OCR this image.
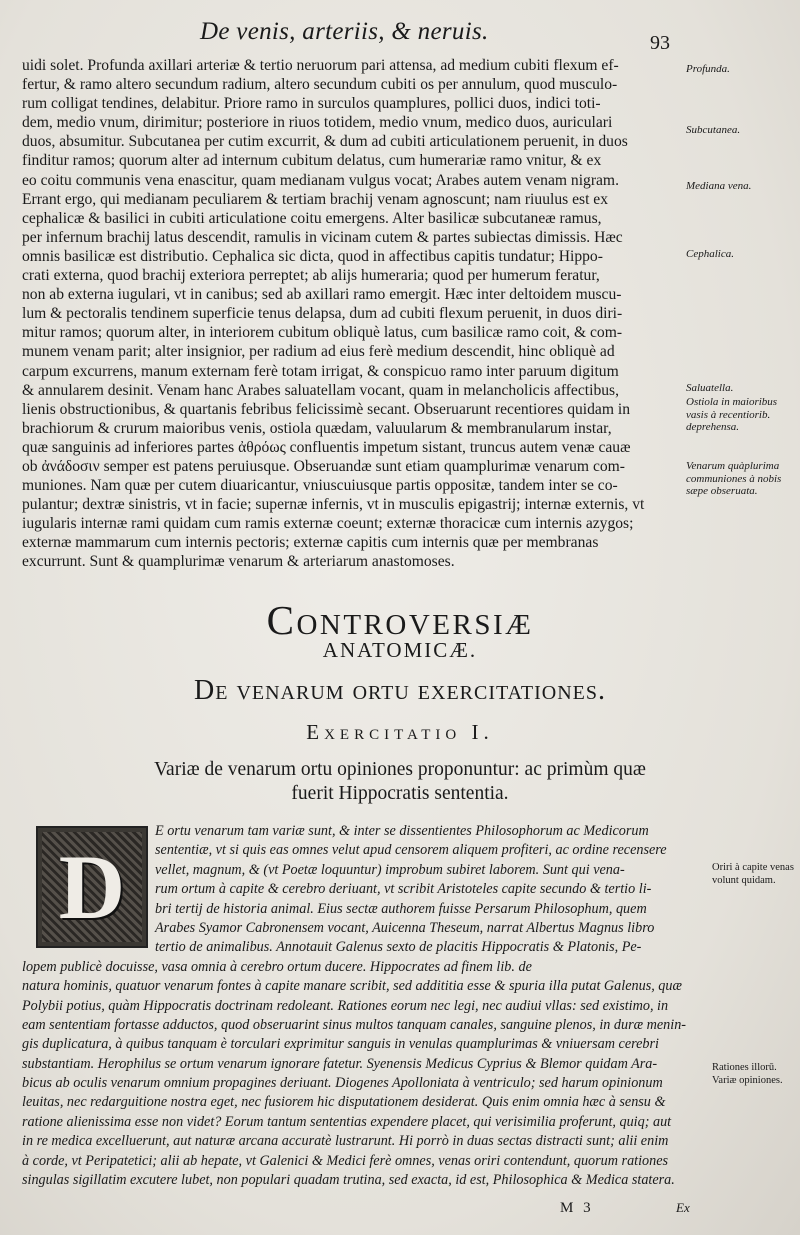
De venis, arteriis, & neruis.	93
uidi solet. Profunda axillari arteriæ & tertio neruorum pari attensa, ad medium cubiti flexum ef-
fertur, & ramo altero secundum radium, altero secundum cubiti os per annulum, quod musculo-
rum colligat tendines, delabitur. Priore ramo in surculos quamplures, pollici duos, indici toti-
dem, medio vnum, dirimitur; posteriore in riuos totidem, medio vnum, medico duos, auriculari
duos, absumitur. Subcutanea per cutim excurrit, & dum ad cubiti articulationem peruenit, in duos
finditur ramos; quorum alter ad internum cubitum delatus, cum humerariæ ramo vnitur, & ex
eo coitu communis vena enascitur, quam medianam vulgus vocat; Arabes autem venam nigram.
Errant ergo, qui medianam peculiarem & tertiam brachij venam agnoscunt; nam riuulus est ex
cephalicæ & basilici in cubiti articulatione coitu emergens. Alter basilicæ subcutaneæ ramus,
per infernum brachij latus descendit, ramulis in vicinam cutem & partes subiectas dimissis. Hæc
omnis basilicæ est distributio. Cephalica sic dicta, quod in affectibus capitis tundatur; Hippo-
crati externa, quod brachij exteriora perreptet; ab alijs humeraria; quod per humerum feratur,
non ab externa iugulari, vt in canibus; sed ab axillari ramo emergit. Hæc inter deltoidem muscu-
lum & pectoralis tendinem superficie tenus delapsa, dum ad cubiti flexum peruenit, in duos diri-
mitur ramos; quorum alter, in interiorem cubitum obliquè latus, cum basilicæ ramo coit, & com-
munem venam parit; alter insignior, per radium ad eius ferè medium descendit, hinc obliquè ad
carpum excurrens, manum externam ferè totam irrigat, & conspicuo ramo inter paruum digitum
& annularem desinit. Venam hanc Arabes saluatellam vocant, quam in melancholicis affectibus,
lienis obstructionibus, & quartanis febribus felicissimè secant. Obseruarunt recentiores quidam in
brachiorum & crurum maioribus venis, ostiola quædam, valuularum & membranularum instar,
quæ sanguinis ad inferiores partes ἀθρόως confluentis impetum sistant, truncus autem venæ cauæ
ob ἀνάδοσιν semper est patens peruiusque. Obseruandæ sunt etiam quamplurimæ venarum com-
muniones. Nam quæ per cutem diuaricantur, vniuscuiusque partis oppositæ, tandem inter se co-
pulantur; dextræ sinistris, vt in facie; supernæ infernis, vt in musculis epigastrij; internæ externis, vt
iugularis internæ rami quidam cum ramis externæ coeunt; externæ thoracicæ cum internis azygos;
externæ mammarum cum internis pectoris; externæ capitis cum internis quæ per membranas
excurrunt. Sunt & quamplurimæ venarum & arteriarum anastomoses.
Profunda.
Subcutanea.
Mediana vena.
Cephalica.
Saluatella.
Ostiola in maioribus vasis à recentiorib. deprehensa.
Venarum quàplurima communiones à nobis sæpe obseruata.
Controversiæ
ANATOMICÆ.
De venarum ortu exercitationes.
Exercitatio I.
Variæ de venarum ortu opiniones proponuntur: ac primùm quæ
fuerit Hippocratis sententia.
E ortu venarum tam variæ sunt, & inter se dissentientes Philosophorum ac Medicorum
sententiæ, vt si quis eas omnes velut apud censorem aliquem profiteri, ac ordine recensere
vellet, magnum, & (vt Poetæ loquuntur) improbum subiret laborem. Sunt qui vena-
rum ortum à capite & cerebro deriuant, vt scribit Aristoteles capite secundo & tertio li-
bri tertij de historia animal. Eius sectæ authorem fuisse Persarum Philosophum, quem
Arabes Syamor Cabronensem vocant, Auicenna Theseum, narrat Albertus Magnus libro
tertio de animalibus. Annotauit Galenus sexto de placitis Hippocratis & Platonis, Pe-
lopem publicè docuisse, vasa omnia à cerebro ortum ducere. Hippocrates ad finem lib. de
natura hominis, quatuor venarum fontes à capite manare scribit, sed addititia esse & spuria illa putat Galenus, quæ
Polybii potius, quàm Hippocratis doctrinam redoleant. Rationes eorum nec legi, nec audiui vllas: sed existimo, in
eam sententiam fortasse adductos, quod obseruarint sinus multos tanquam canales, sanguine plenos, in duræ menin-
gis duplicatura, à quibus tanquam è torculari exprimitur sanguis in venulas quamplurimas & vniuersam cerebri
substantiam. Herophilus se ortum venarum ignorare fatetur. Syenensis Medicus Cyprius & Blemor quidam Ara-
bicus ab oculis venarum omnium propagines deriuant. Diogenes Apolloniata à ventriculo; sed harum opinionum
leuitas, nec redarguitione nostra eget, nec fusiorem hic disputationem desiderat. Quis enim omnia hæc à sensu &
ratione alienissima esse non videt? Eorum tantum sententias expendere placet, qui verisimilia proferunt, quiq; aut
in re medica excelluerunt, aut naturæ arcana accuratè lustrarunt. Hi porrò in duas sectas distracti sunt; alii enim
à corde, vt Peripatetici; alii ab hepate, vt Galenici & Medici ferè omnes, venas oriri contendunt, quorum rationes
singulas sigillatim excutere lubet, non populari quadam trutina, sed exacta, id est, Philosophica & Medica statera.
D	Oriri à capite venas volunt quidam.
Rationes illorū. Variæ opiniones.
M 3	Ex
